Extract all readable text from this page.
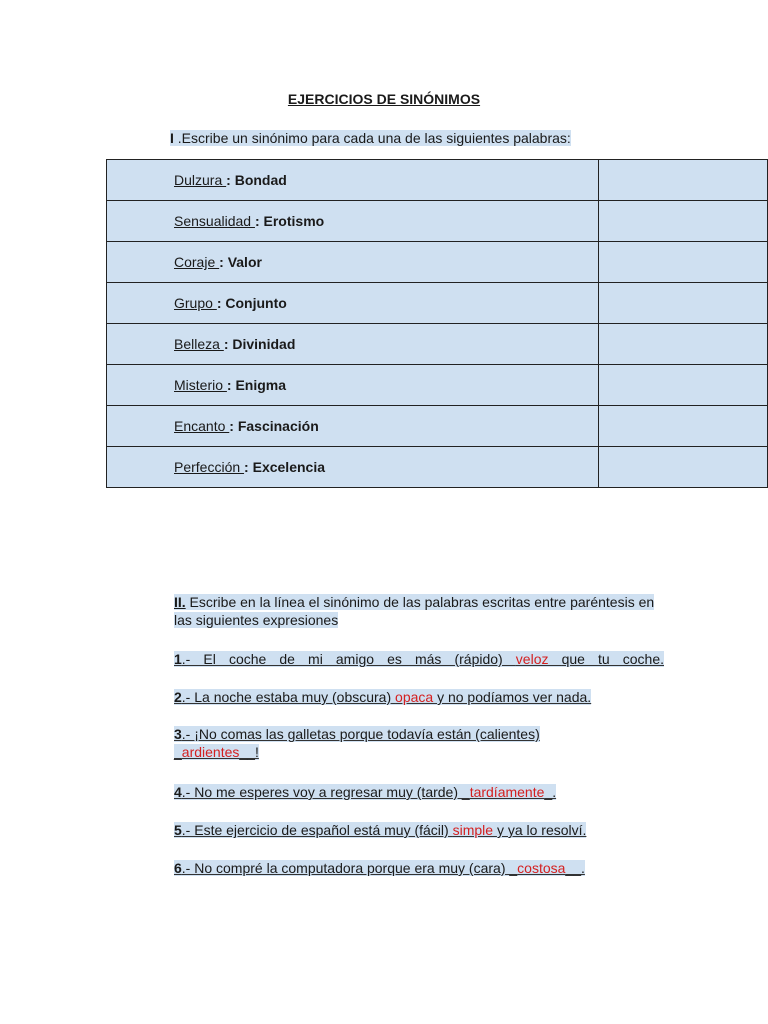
EJERCICIOS DE SINÓNIMOS
I .Escribe un sinónimo para cada una de las siguientes palabras:
Dulzura : Bondad	
Sensualidad : Erotismo	
Coraje : Valor	
Grupo : Conjunto	
Belleza : Divinidad	
Misterio : Enigma	
Encanto : Fascinación	
Perfección : Excelencia	
II. Escribe en la línea el sinónimo de las palabras escritas entre paréntesis en las siguientes expresiones
1.- El coche de mi amigo es más (rápido) veloz que tu coche.
2.- La noche estaba muy (obscura) opaca y no podíamos ver nada.
3.- ¡No comas las galletas porque todavía están (calientes) _ardientes__!
4.- No me esperes voy a regresar muy (tarde) _tardíamente_.
5.- Este ejercicio de español está muy (fácil) simple y ya lo resolví.
6.- No compré la computadora porque era muy (cara) _costosa__.
